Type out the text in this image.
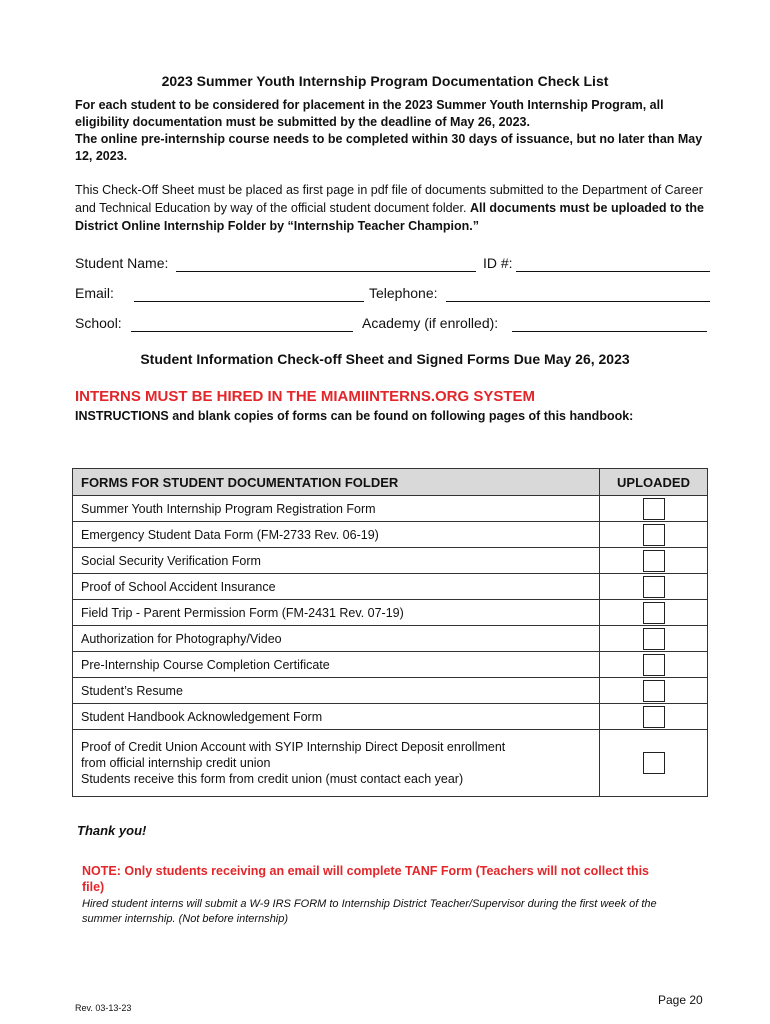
2023 Summer Youth Internship Program Documentation Check List

For each student to be considered for placement in the 2023 Summer Youth Internship Program, all eligibility documentation must be submitted by the deadline of May 26, 2023.

The online pre-internship course needs to be completed within 30 days of issuance, but no later than May 12, 2023.

This Check-Off Sheet must be placed as first page in pdf file of documents submitted to the Department of Career and Technical Education by way of the official student document folder. All documents must be uploaded to the District Online Internship Folder by “Internship Teacher Champion.”
Student Name:	ID #:
Email:	Telephone:
School:	Academy (if enrolled):
Student Information Check-off Sheet and Signed Forms Due May 26, 2023
INTERNS MUST BE HIRED IN THE MIAMIINTERNS.ORG SYSTEM
INSTRUCTIONS and blank copies of forms can be found on following pages of this handbook:
FORMS FOR STUDENT DOCUMENTATION FOLDER	UPLOADED
Summer Youth Internship Program Registration Form	
Emergency Student Data Form (FM-2733 Rev. 06-19)	
Social Security Verification Form	
Proof of School Accident Insurance	
Field Trip - Parent Permission Form (FM-2431 Rev. 07-19)	
Authorization for Photography/Video	
Pre-Internship Course Completion Certificate	
Student’s Resume	
Student Handbook Acknowledgement Form	
Proof of Credit Union Account with SYIP Internship Direct Deposit enrollment
from official internship credit union
Students receive this form from credit union (must contact each year)	
Thank you!
NOTE: Only students receiving an email will complete TANF Form (Teachers will not collect this file)
Hired student interns will submit a W-9 IRS FORM to Internship District Teacher/Supervisor during the first week of the summer internship. (Not before internship)
Page 20
Rev. 03-13-23
